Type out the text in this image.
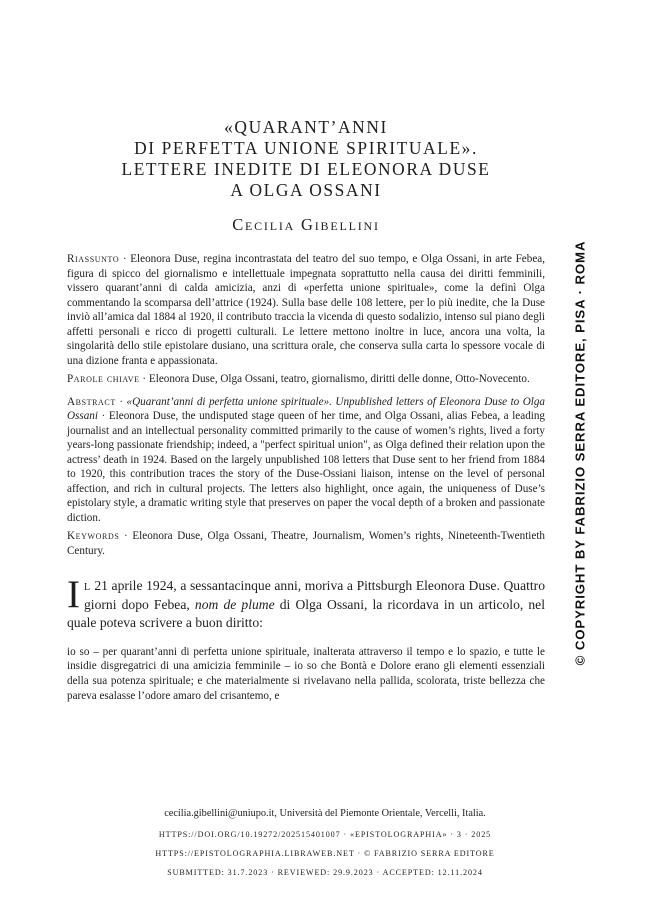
«QUARANT’ANNI
DI PERFETTA UNIONE SPIRITUALE».
LETTERE INEDITE DI ELEONORA DUSE
A OLGA OSSANI
Cecilia Gibellini

Riassunto · Eleonora Duse, regina incontrastata del teatro del suo tempo, e Olga Ossani, in arte Febea, figura di spicco del giornalismo e intellettuale impegnata soprattutto nella causa dei diritti femminili, vissero quarant’anni di calda amicizia, anzi di «perfetta unione spirituale», come la definì Olga commentando la scomparsa dell’attrice (1924). Sulla base delle 108 lettere, per lo più inedite, che la Duse inviò all’amica dal 1884 al 1920, il contributo traccia la vicenda di questo sodalizio, intenso sul piano degli affetti personali e ricco di progetti culturali. Le lettere mettono inoltre in luce, ancora una volta, la singolarità dello stile epistolare dusiano, una scrittura orale, che conserva sulla carta lo spessore vocale di una dizione franta e appassionata.

Parole chiave · Eleonora Duse, Olga Ossani, teatro, giornalismo, diritti delle donne, Otto-Novecento.

Abstract · «Quarant’anni di perfetta unione spirituale». Unpublished letters of Eleonora Duse to Olga Ossani · Eleonora Duse, the undisputed stage queen of her time, and Olga Ossani, alias Febea, a leading journalist and an intellectual personality committed primarily to the cause of women’s rights, lived a forty years-long passionate friendship; indeed, a "perfect spiritual union", as Olga defined their relation upon the actress’ death in 1924. Based on the largely unpublished 108 letters that Duse sent to her friend from 1884 to 1920, this contribution traces the story of the Duse-Ossiani liaison, intense on the level of personal affection, and rich in cultural projects. The letters also highlight, once again, the uniqueness of Duse’s epistolary style, a dramatic writing style that preserves on paper the vocal depth of a broken and passionate diction.

Keywords · Eleonora Duse, Olga Ossani, Theatre, Journalism, Women’s rights, Nineteenth-Twentieth Century.

Il 21 aprile 1924, a sessantacinque anni, moriva a Pittsburgh Eleonora Duse. Quattro giorni dopo Febea, nom de plume di Olga Ossani, la ricordava in un articolo, nel quale poteva scrivere a buon diritto:
io so – per quarant’anni di perfetta unione spirituale, inalterata attraverso il tempo e lo spazio, e tutte le insidie disgregatrici di una amicizia femminile – io so che Bontà e Dolore erano gli elementi essenziali della sua potenza spirituale; e che materialmente si rivelavano nella pallida, scolorata, triste bellezza che pareva esalasse l’odore amaro del crisantemo, e
cecilia.gibellini@uniupo.it, Università del Piemonte Orientale, Vercelli, Italia.
HTTPS://DOI.ORG/10.19272/202515401007 · «EPISTOLOGRAPHIA» · 3 · 2025
HTTPS://EPISTOLOGRAPHIA.LIBRAWEB.NET · © FABRIZIO SERRA EDITORE
SUBMITTED: 31.7.2023 · REVIEWED: 29.9.2023 · ACCEPTED: 12.11.2024
© COPYRIGHT BY FABRIZIO SERRA EDITORE, PISA · ROMA
